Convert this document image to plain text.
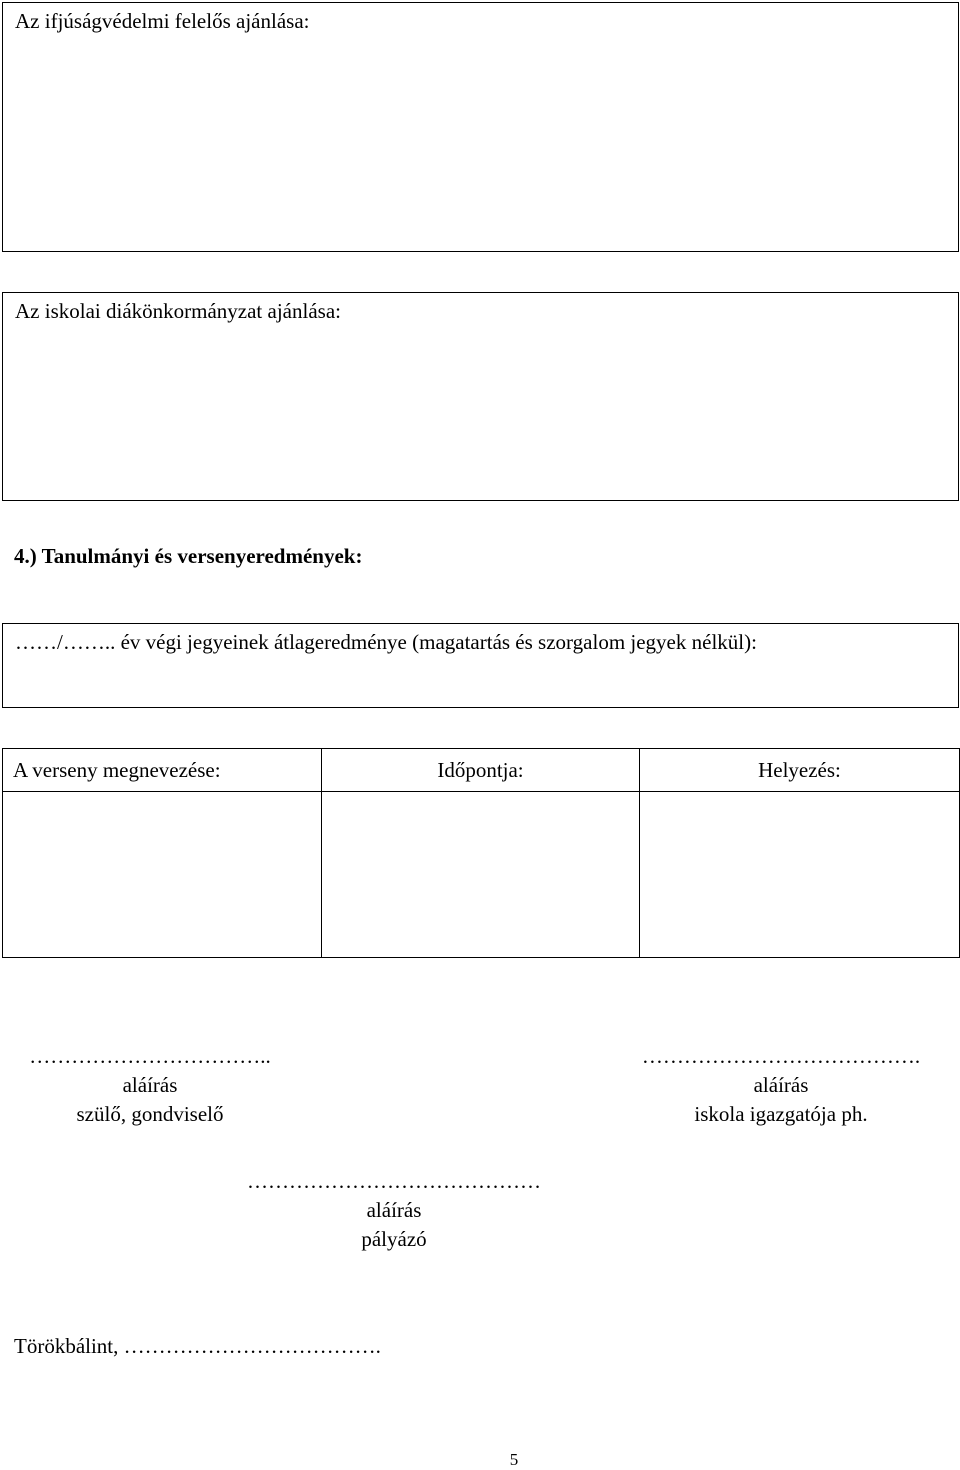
Az ifjúságvédelmi felelős ajánlása:
Az iskolai diákönkormányzat ajánlása:
4.) Tanulmányi és versenyeredmények:
……/…….. év végi jegyeinek átlageredménye (magatartás és szorgalom jegyek nélkül):
A verseny megnevezése:	Időpontja:	Helyezés:

……………………………..
aláírás
szülő, gondviselő
………………………………….
aláírás
iskola igazgatója ph.
……………………………………
aláírás
pályázó
Törökbálint, ……………………………….
5
